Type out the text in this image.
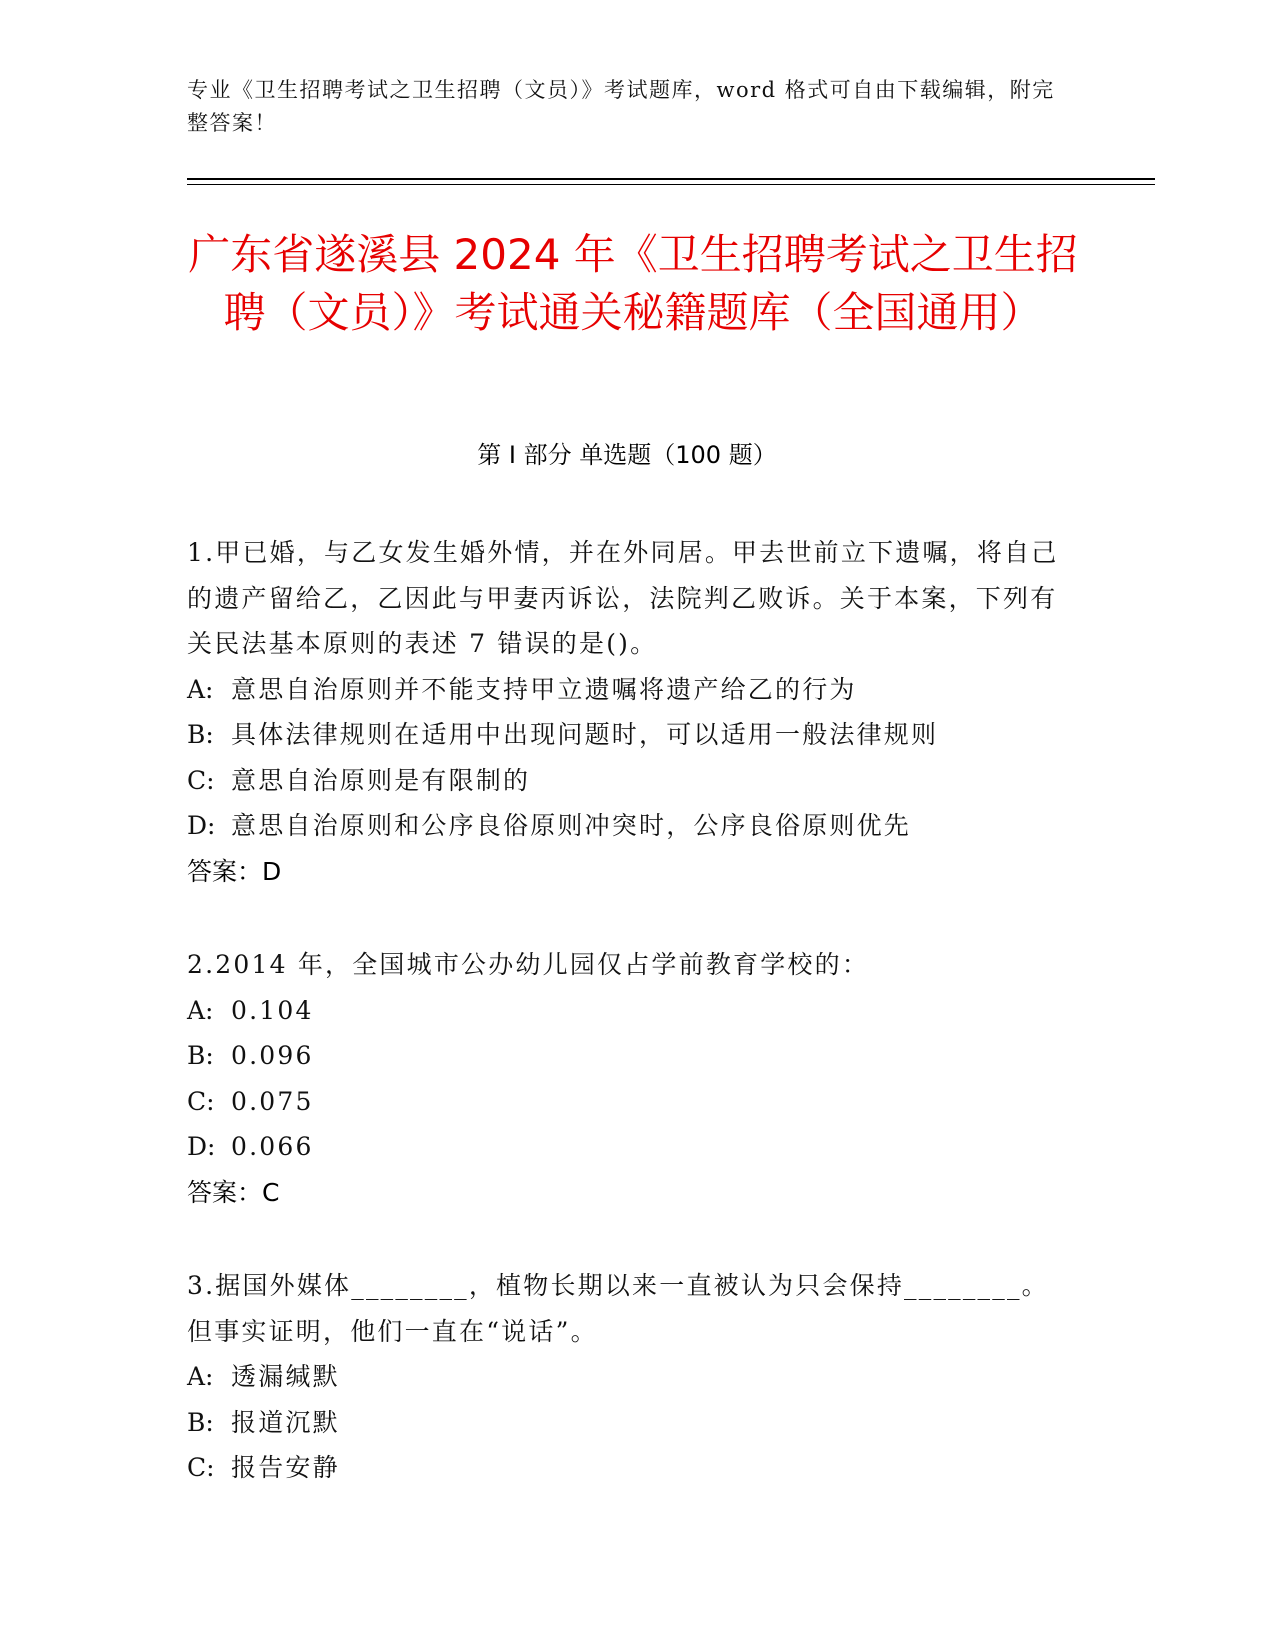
专业《卫生招聘考试之卫生招聘（文员）》考试题库，word 格式可自由下载编辑，附完整答案！
广东省遂溪县 2024 年《卫生招聘考试之卫生招聘（文员）》考试通关秘籍题库（全国通用）
第 I 部分 单选题（100 题）

1.甲已婚，与乙女发生婚外情，并在外同居。甲去世前立下遗嘱，将自己的遗产留给乙，乙因此与甲妻丙诉讼，法院判乙败诉。关于本案，下列有关民法基本原则的表述 7 错误的是()。

A: 意思自治原则并不能支持甲立遗嘱将遗产给乙的行为

B: 具体法律规则在适用中出现问题时，可以适用一般法律规则

C: 意思自治原则是有限制的

D: 意思自治原则和公序良俗原则冲突时，公序良俗原则优先

答案：D

2.2014 年，全国城市公办幼儿园仅占学前教育学校的：

A: 0.104

B: 0.096

C: 0.075

D: 0.066

答案：C

3.据国外媒体________，植物长期以来一直被认为只会保持________。但事实证明，他们一直在“说话”。

A: 透漏缄默

B: 报道沉默

C: 报告安静
